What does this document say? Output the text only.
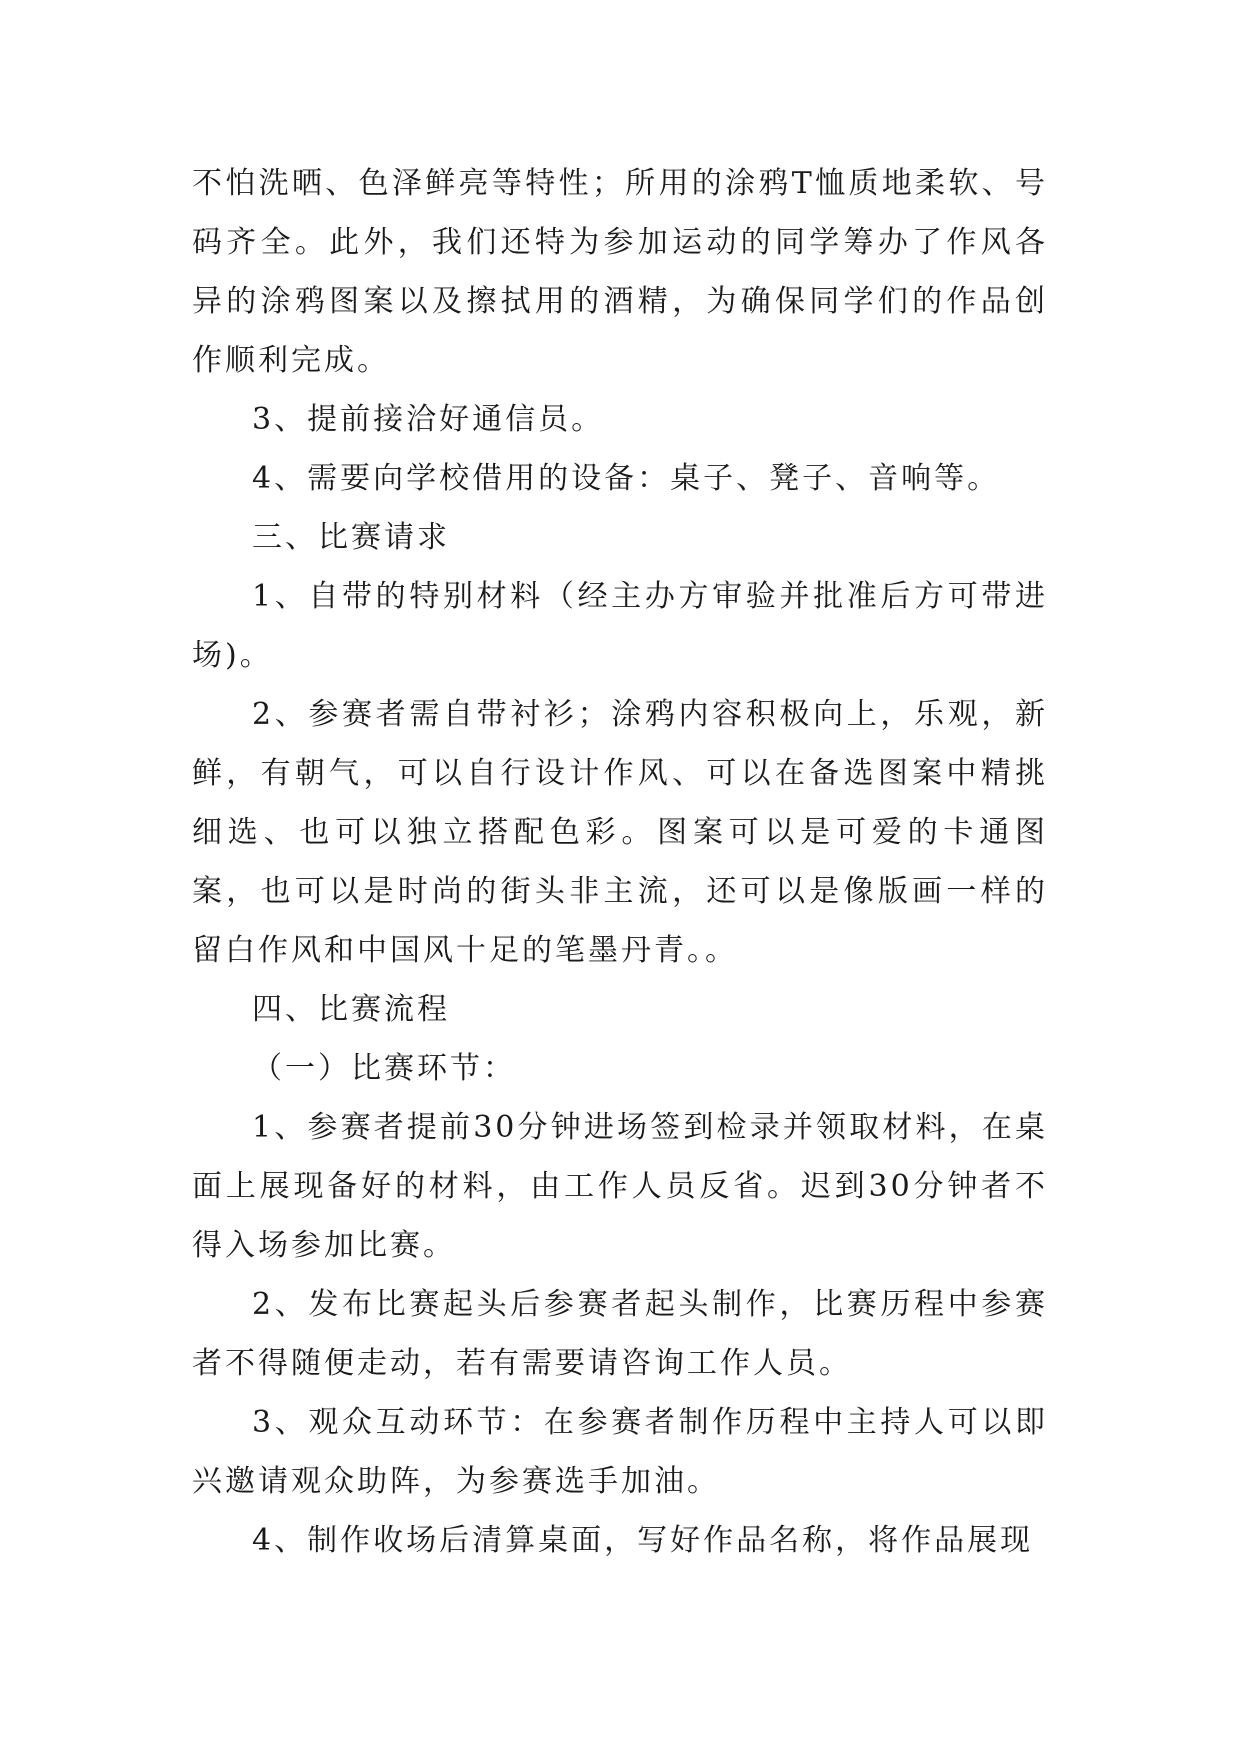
不怕洗晒、色泽鲜亮等特性；所用的涂鸦T恤质地柔软、号码齐全。此外，我们还特为参加运动的同学筹办了作风各异的涂鸦图案以及擦拭用的酒精，为确保同学们的作品创作顺利完成。

3、提前接洽好通信员。

4、需要向学校借用的设备：桌子、凳子、音响等。

三、比赛请求

1、自带的特别材料（经主办方审验并批准后方可带进场)。

2、参赛者需自带衬衫；涂鸦内容积极向上，乐观，新鲜，有朝气，可以自行设计作风、可以在备选图案中精挑细选、也可以独立搭配色彩。图案可以是可爱的卡通图案，也可以是时尚的街头非主流，还可以是像版画一样的留白作风和中国风十足的笔墨丹青。。

四、比赛流程

（一）比赛环节：

1、参赛者提前30分钟进场签到检录并领取材料，在桌面上展现备好的材料，由工作人员反省。迟到30分钟者不得入场参加比赛。

2、发布比赛起头后参赛者起头制作，比赛历程中参赛者不得随便走动，若有需要请咨询工作人员。

3、观众互动环节：在参赛者制作历程中主持人可以即兴邀请观众助阵，为参赛选手加油。

4、制作收场后清算桌面，写好作品名称，将作品展现
